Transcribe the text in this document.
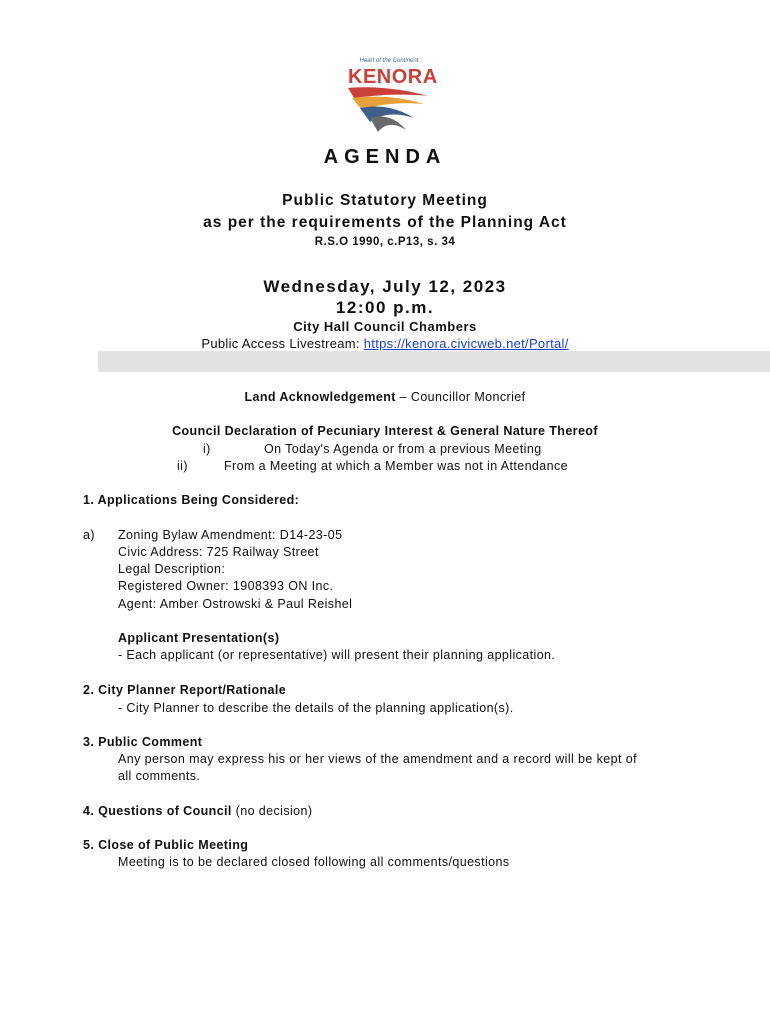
Heart of the Continent
KENORA
AGENDA
Public Statutory Meeting
as per the requirements of the Planning Act
R.S.O 1990, c.P13, s. 34
Wednesday, July 12, 2023
12:00 p.m.
City Hall Council Chambers
Public Access Livestream: https://kenora.civicweb.net/Portal/
Land Acknowledgement – Councillor Moncrief
Council Declaration of Pecuniary Interest & General Nature Thereof
i)	On Today's Agenda or from a previous Meeting
ii)	From a Meeting at which a Member was not in Attendance
1. Applications Being Considered:
a) Zoning Bylaw Amendment: D14-23-05
Civic Address: 725 Railway Street
Legal Description:
Registered Owner: 1908393 ON Inc.
Agent: Amber Ostrowski & Paul Reishel
Applicant Presentation(s)
- Each applicant (or representative) will present their planning application.
2. City Planner Report/Rationale
- City Planner to describe the details of the planning application(s).
3. Public Comment
Any person may express his or her views of the amendment and a record will be kept of
all comments.
4. Questions of Council (no decision)
5. Close of Public Meeting
Meeting is to be declared closed following all comments/questions
